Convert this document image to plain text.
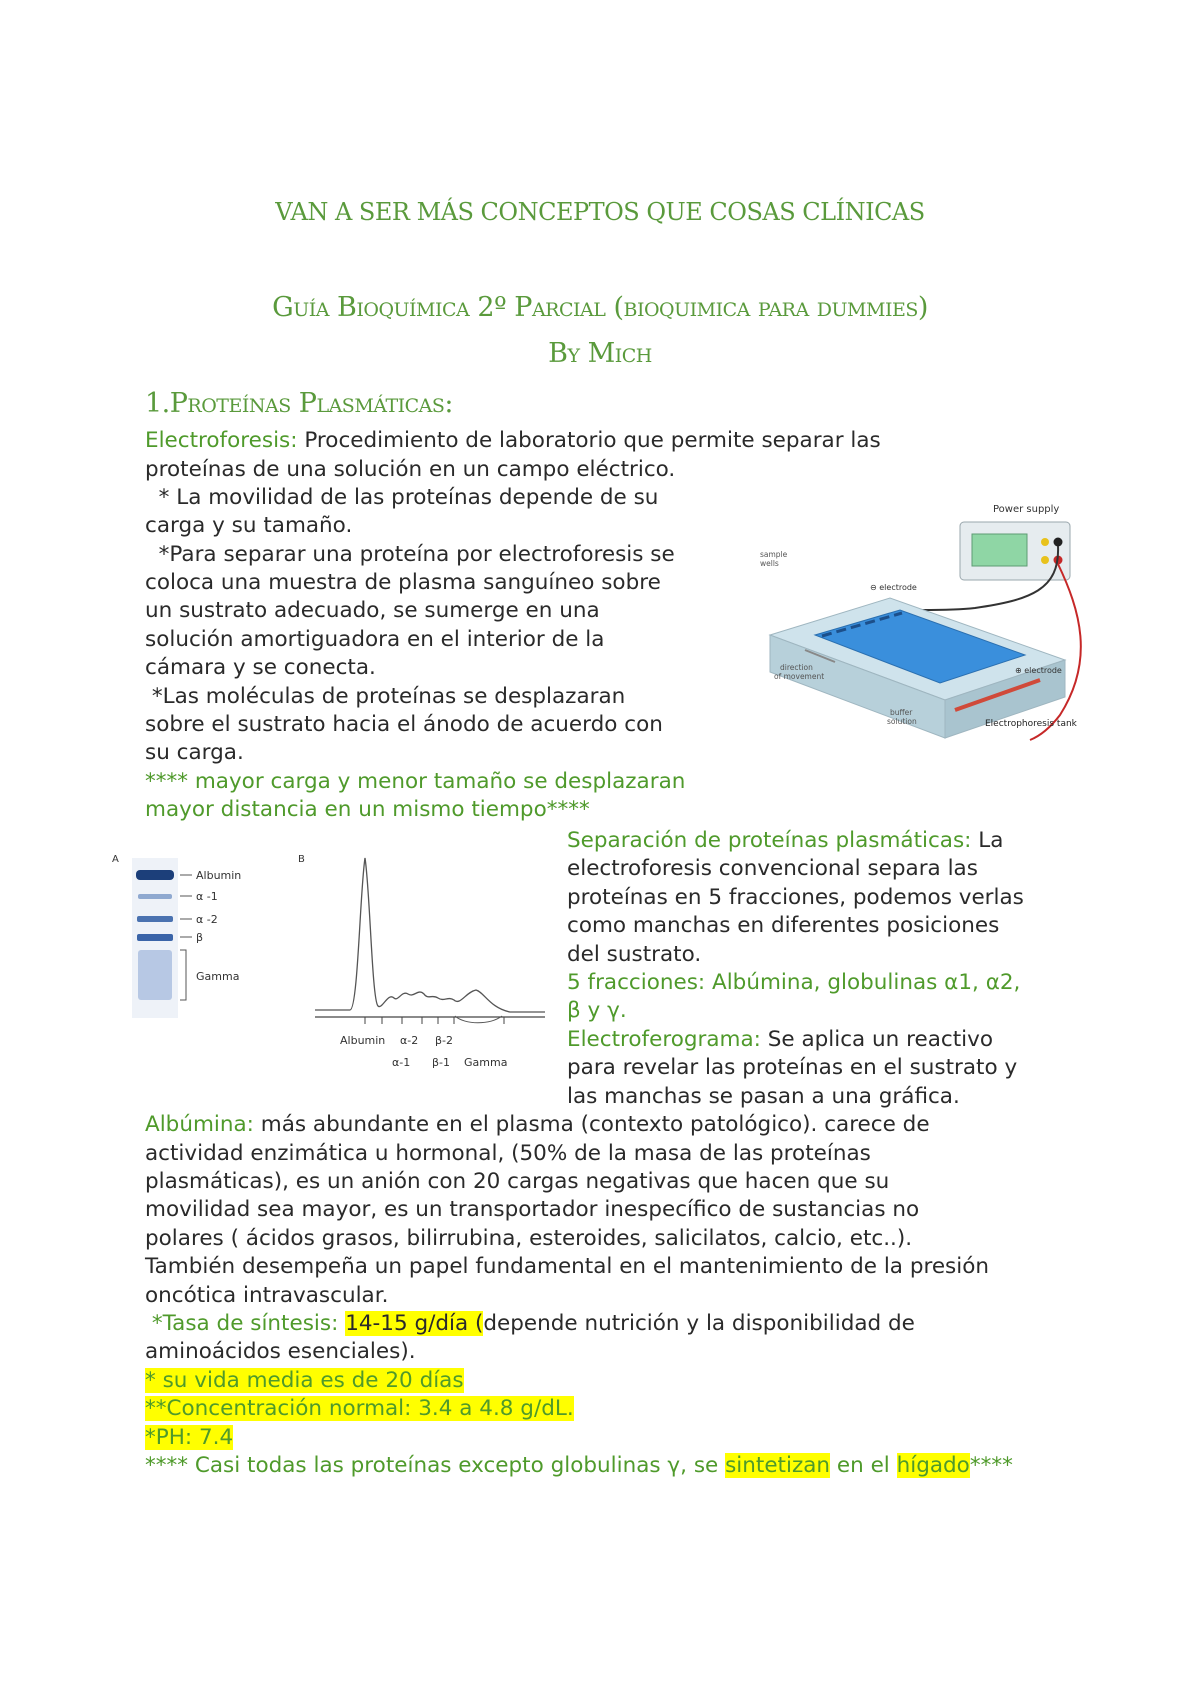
VAN A SER MÁS CONCEPTOS QUE COSAS CLÍNICAS
Guía Bioquímica 2º Parcial (bioquimica para dummies)
By Mich
1.Proteínas Plasmáticas:
Electroforesis: Procedimiento de laboratorio que permite separar las
proteínas de una solución en un campo eléctrico.
* La movilidad de las proteínas depende de su
carga y su tamaño.
*Para separar una proteína por electroforesis se
coloca una muestra de plasma sanguíneo sobre
un sustrato adecuado, se sumerge en una
solución amortiguadora en el interior de la
cámara y se conecta.
*Las moléculas de proteínas se desplazaran
sobre el sustrato hacia el ánodo de acuerdo con
su carga.
**** mayor carga y menor tamaño se desplazaran
mayor distancia en un mismo tiempo****
Power supply
sample
wells
⊖ electrode
⊕ electrode
direction
of movement
buffer
solution	Electrophoresis tank
A
Albumin
α -1
α -2
β
Gamma
B
Albumin α-2 β-2
α-1 β-1 Gamma
Separación de proteínas plasmáticas: La
electroforesis convencional separa las
proteínas en 5 fracciones, podemos verlas
como manchas en diferentes posiciones
del sustrato.
5 fracciones: Albúmina, globulinas α1, α2,
β y γ.
Electroferograma: Se aplica un reactivo
para revelar las proteínas en el sustrato y
las manchas se pasan a una gráfica.
Albúmina: más abundante en el plasma (contexto patológico). carece de
actividad enzimática u hormonal, (50% de la masa de las proteínas
plasmáticas), es un anión con 20 cargas negativas que hacen que su
movilidad sea mayor, es un transportador inespecífico de sustancias no
polares ( ácidos grasos, bilirrubina, esteroides, salicilatos, calcio, etc..).
También desempeña un papel fundamental en el mantenimiento de la presión
oncótica intravascular.
*Tasa de síntesis: 14-15 g/día (depende nutrición y la disponibilidad de
aminoácidos esenciales).
* su vida media es de 20 días
**Concentración normal: 3.4 a 4.8 g/dL.
*PH: 7.4
**** Casi todas las proteínas excepto globulinas γ, se sintetizan en el hígado****
